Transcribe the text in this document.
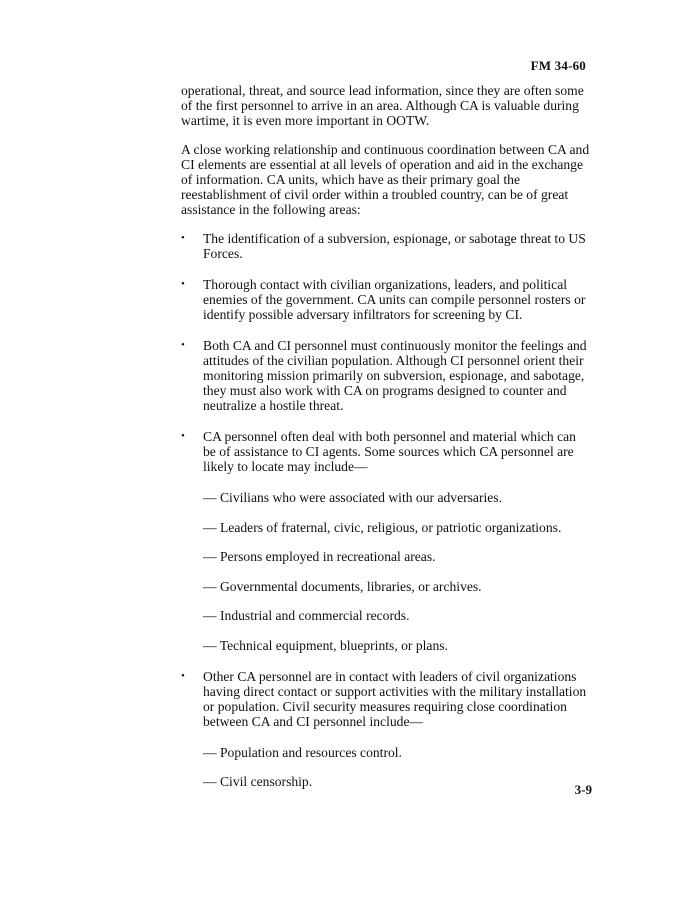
FM 34-60

operational, threat, and source lead information, since they are often some of the first personnel to arrive in an area. Although CA is valuable during wartime, it is even more important in OOTW.

A close working relationship and continuous coordination between CA and CI elements are essential at all levels of operation and aid in the exchange of information. CA units, which have as their primary goal the reestablishment of civil order within a troubled country, can be of great assistance in the following areas:

• The identification of a subversion, espionage, or sabotage threat to US Forces.
• Thorough contact with civilian organizations, leaders, and political enemies of the government. CA units can compile personnel rosters or identify possible adversary infiltrators for screening by CI.
• Both CA and CI personnel must continuously monitor the feelings and attitudes of the civilian population. Although CI personnel orient their monitoring mission primarily on subversion, espionage, and sabotage, they must also work with CA on programs designed to counter and neutralize a hostile threat.
• CA personnel often deal with both personnel and material which can be of assistance to CI agents. Some sources which CA personnel are likely to locate may include—
— Civilians who were associated with our adversaries.
— Leaders of fraternal, civic, religious, or patriotic organizations.
— Persons employed in recreational areas.
— Governmental documents, libraries, or archives.
— Industrial and commercial records.
— Technical equipment, blueprints, or plans.
• Other CA personnel are in contact with leaders of civil organizations having direct contact or support activities with the military installation or population. Civil security measures requiring close coordination between CA and CI personnel include—
— Population and resources control.
— Civil censorship.
3-9
